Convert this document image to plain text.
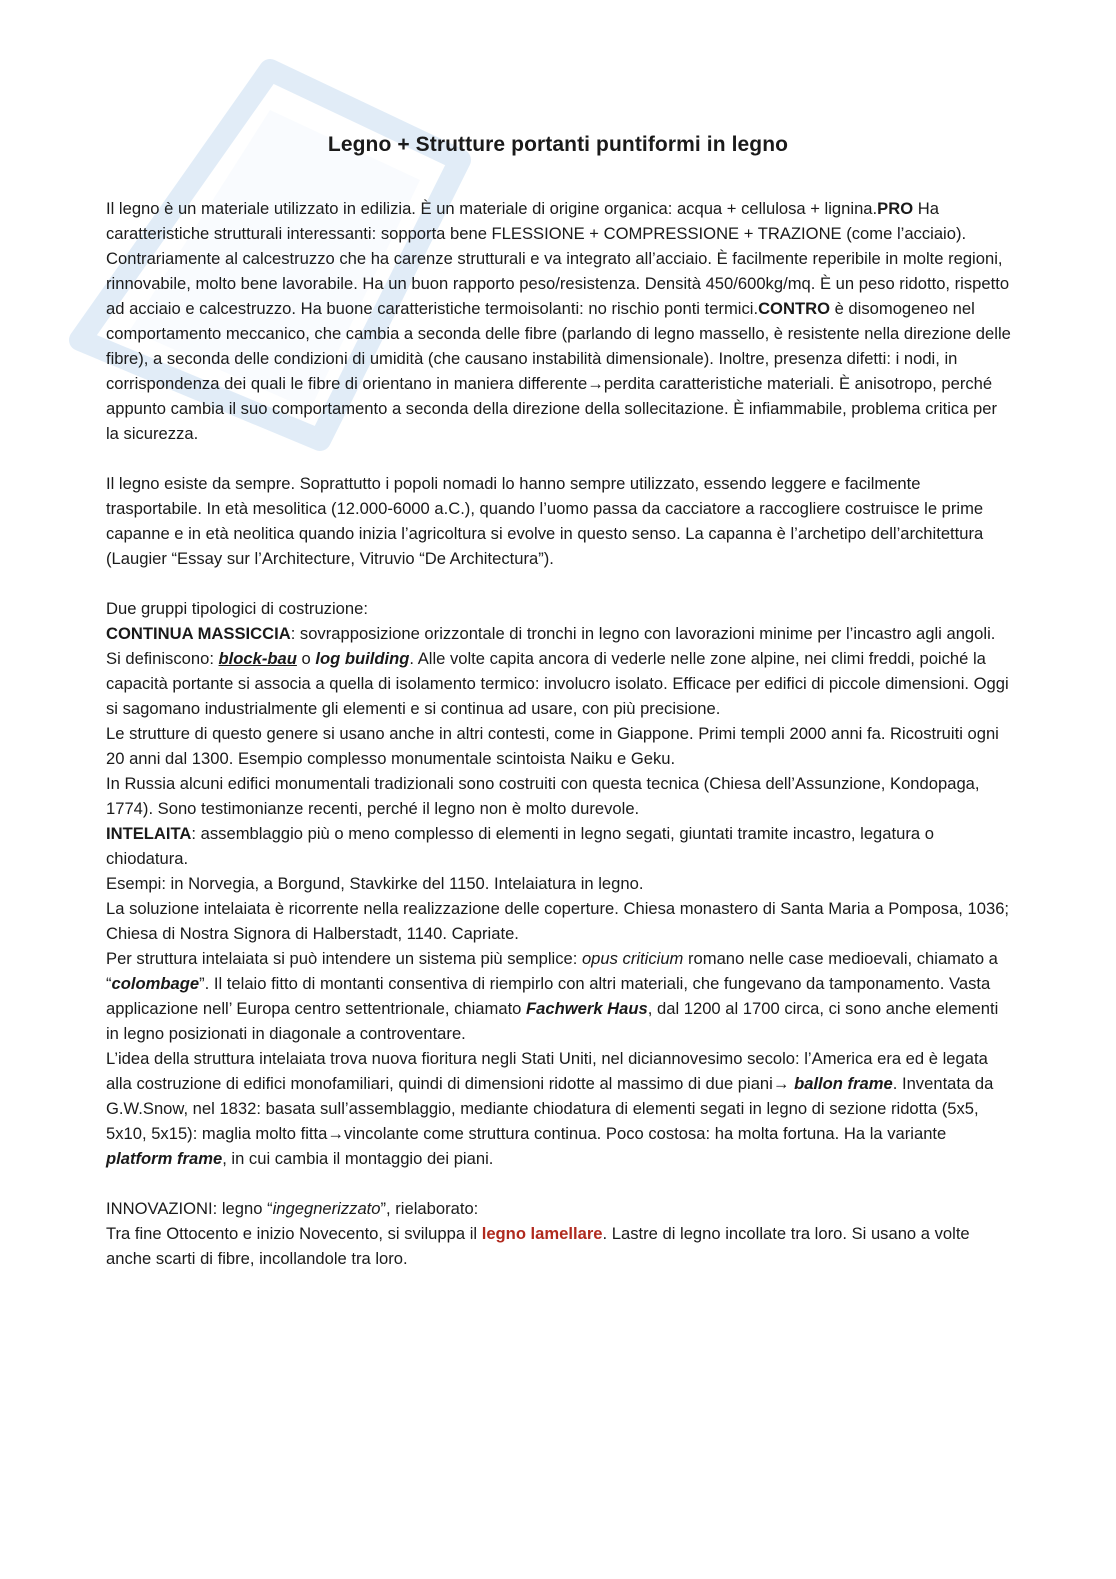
Legno + Strutture portanti puntiformi in legno

Il legno è un materiale utilizzato in edilizia. È un materiale di origine organica: acqua + cellulosa + lignina.PRO Ha caratteristiche strutturali interessanti: sopporta bene FLESSIONE + COMPRESSIONE + TRAZIONE (come l’acciaio). Contrariamente al calcestruzzo che ha carenze strutturali e va integrato all’acciaio. È facilmente reperibile in molte regioni, rinnovabile, molto bene lavorabile. Ha un buon rapporto peso/resistenza. Densità 450/600kg/mq. È un peso ridotto, rispetto ad acciaio e calcestruzzo. Ha buone caratteristiche termoisolanti: no rischio ponti termici.CONTRO è disomogeneo nel comportamento meccanico, che cambia a seconda delle fibre (parlando di legno massello, è resistente nella direzione delle fibre), a seconda delle condizioni di umidità (che causano instabilità dimensionale). Inoltre, presenza difetti: i nodi, in corrispondenza dei quali le fibre di orientano in maniera differente→perdita caratteristiche materiali. È anisotropo, perché appunto cambia il suo comportamento a seconda della direzione della sollecitazione. È infiammabile, problema critica per la sicurezza.

Il legno esiste da sempre. Soprattutto i popoli nomadi lo hanno sempre utilizzato, essendo leggere e facilmente trasportabile. In età mesolitica (12.000-6000 a.C.), quando l’uomo passa da cacciatore a raccogliere costruisce le prime capanne e in età neolitica quando inizia l’agricoltura si evolve in questo senso. La capanna è l’archetipo dell’architettura (Laugier “Essay sur l’Architecture, Vitruvio “De Architectura”).

Due gruppi tipologici di costruzione:
CONTINUA MASSICCIA: sovrapposizione orizzontale di tronchi in legno con lavorazioni minime per l’incastro agli angoli.
Si definiscono: block-bau o log building. Alle volte capita ancora di vederle nelle zone alpine, nei climi freddi, poiché la capacità portante si associa a quella di isolamento termico: involucro isolato. Efficace per edifici di piccole dimensioni. Oggi si sagomano industrialmente gli elementi e si continua ad usare, con più precisione.
Le strutture di questo genere si usano anche in altri contesti, come in Giappone. Primi templi 2000 anni fa. Ricostruiti ogni 20 anni dal 1300. Esempio complesso monumentale scintoista Naiku e Geku.
In Russia alcuni edifici monumentali tradizionali sono costruiti con questa tecnica (Chiesa dell’Assunzione, Kondopaga, 1774). Sono testimonianze recenti, perché il legno non è molto durevole.
INTELAITA: assemblaggio più o meno complesso di elementi in legno segati, giuntati tramite incastro, legatura o chiodatura.
Esempi: in Norvegia, a Borgund, Stavkirke del 1150. Intelaiatura in legno.
La soluzione intelaiata è ricorrente nella realizzazione delle coperture. Chiesa monastero di Santa Maria a Pomposa, 1036; Chiesa di Nostra Signora di Halberstadt, 1140. Capriate.
Per struttura intelaiata si può intendere un sistema più semplice: opus criticium romano nelle case medioevali, chiamato a “colombage”. Il telaio fitto di montanti consentiva di riempirlo con altri materiali, che fungevano da tamponamento. Vasta applicazione nell’ Europa centro settentrionale, chiamato Fachwerk Haus, dal 1200 al 1700 circa, ci sono anche elementi in legno posizionati in diagonale a controventare.
L’idea della struttura intelaiata trova nuova fioritura negli Stati Uniti, nel diciannovesimo secolo: l’America era ed è legata alla costruzione di edifici monofamiliari, quindi di dimensioni ridotte al massimo di due piani→ ballon frame. Inventata da G.W.Snow, nel 1832: basata sull’assemblaggio, mediante chiodatura di elementi segati in legno di sezione ridotta (5x5, 5x10, 5x15): maglia molto fitta→vincolante come struttura continua. Poco costosa: ha molta fortuna. Ha la variante platform frame, in cui cambia il montaggio dei piani.

INNOVAZIONI: legno “ingegnerizzato”, rielaborato:
Tra fine Ottocento e inizio Novecento, si sviluppa il legno lamellare. Lastre di legno incollate tra loro. Si usano a volte anche scarti di fibre, incollandole tra loro.
